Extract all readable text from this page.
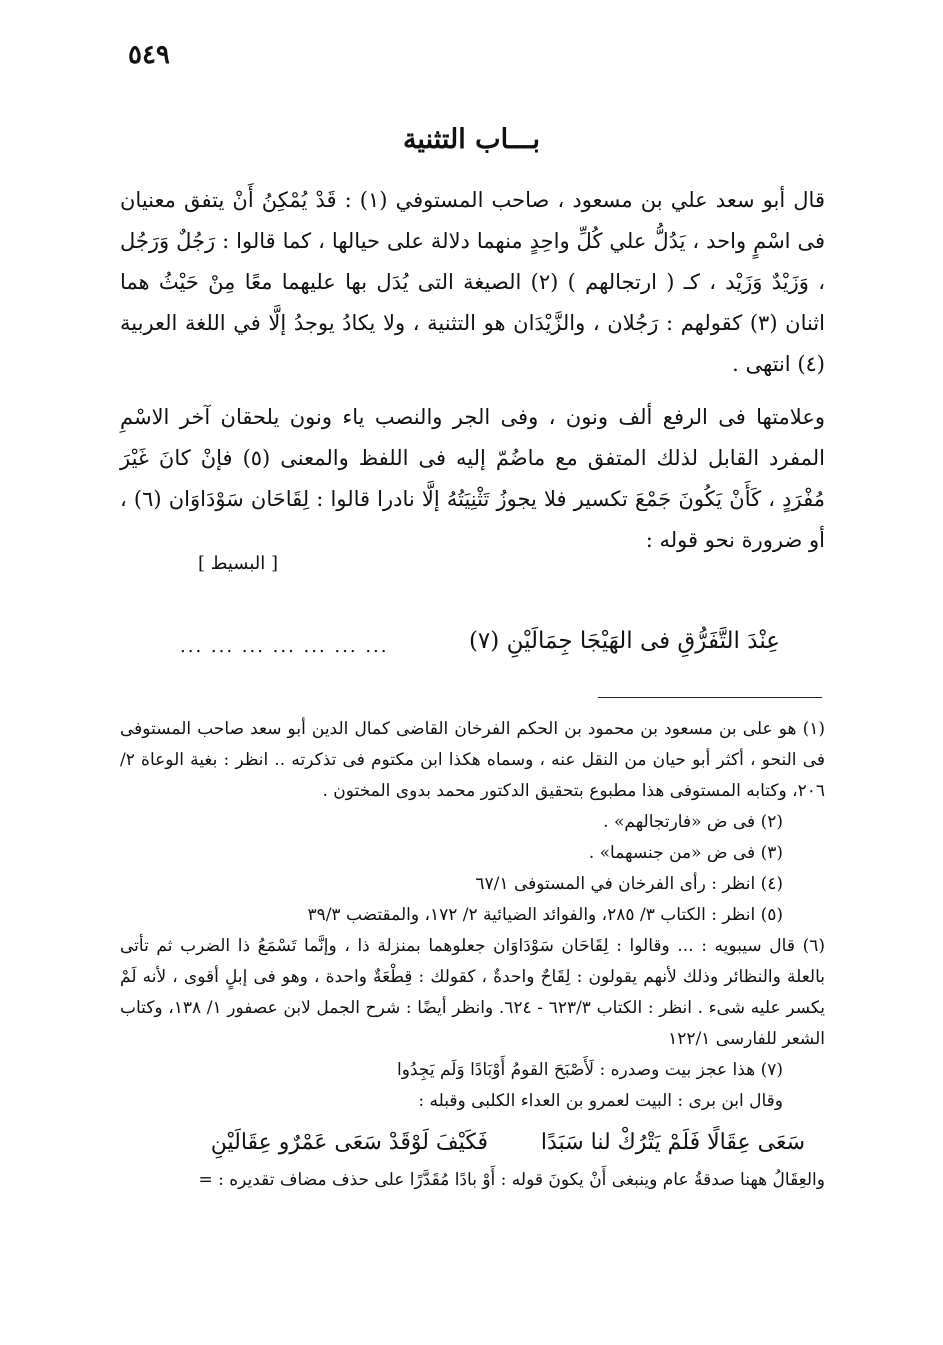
٥٤٩
بـــاب التثنية
قال أبو سعد علي بن مسعود ، صاحب المستوفي (١) : قَدْ يُمْكِنُ أَنْ يتفق معنيان فى اسْمٍ واحد ، يَدُلُّ علي كُلِّ واحِدٍ منهما دلالة على حيالها ، كما قالوا : رَجُلٌ وَرَجُل ، وَزَيْدٌ وَزَيْد ، كـ ( ارتجالهم ) (٢) الصيغة التى يُدَل بها عليهما معًا مِنْ حَيْثُ هما اثنان (٣) كقولهم : رَجُلان ، والزَّيْدَان هو التثنية ، ولا يكادُ يوجدُ إلَّا في اللغة العربية (٤) انتهى .
وعلامتها فى الرفع ألف ونون ، وفى الجر والنصب ياء ونون يلحقان آخر الاسْمِ المفرد القابل لذلك المتفق مع ماضُمّ إليه فى اللفظ والمعنى (٥) فإنْ كانَ غَيْرَ مُفْرَدٍ ، كَأَنْ يَكُونَ جَمْعَ تكسير فلا يجوزُ تَثْنِيَتُهُ إلَّا نادرا قالوا : لِقَاحَان سَوْدَاوَان (٦) ، أو ضرورة نحو قوله :
[ البسيط ]
عِنْدَ التَّفَرُّقِ فى الهَيْجَا جِمَالَيْنِ (٧)
... ... ... ... ... ... ...
(١) هو على بن مسعود بن محمود بن الحكم الفرخان القاضى كمال الدين أبو سعد صاحب المستوفى فى النحو ، أكثر أبو حيان من النقل عنه ، وسماه هكذا ابن مكتوم فى تذكرته .. انظر : بغية الوعاة ٢/ ٢٠٦، وكتابه المستوفى هذا مطبوع بتحقيق الدكتور محمد بدوى المختون .
(٢) فى ض «فارتجالهم» .
(٣) فى ض «من جنسهما» .
(٤) انظر : رأى الفرخان في المستوفى ٦٧/١
(٥) انظر : الكتاب ٣/ ٢٨٥، والفوائد الضيائية ٢/ ١٧٢، والمقتضب ٣٩/٣
(٦) قال سيبويه : ... وقالوا : لِقَاحَان سَوْدَاوَان جعلوهما بمنزلة ذا ، وإنَّما تَسْمَعُ ذا الضرب ثم تأتى بالعلة والنظائر وذلك لأنهم يقولون : لِقَاحٌ واحدةٌ ، كقولك : قِطْعَةٌ واحدة ، وهو فى إبلٍ أقوى ، لأنه لَمْ يكسر عليه شىء . انظر : الكتاب ٦٢٣/٣ - ٦٢٤. وانظر أيضًا : شرح الجمل لابن عصفور ١/ ١٣٨، وكتاب الشعر للفارسى ١٢٢/١
(٧) هذا عجز بيت وصدره : لَأَصْبَحَ القومُ أَوْبَادًا وَلَم يَجِدُوا
وقال ابن برى : البيت لعمرو بن العداء الكلبى وقبله :
سَعَى عِقَالًا فَلَمْ يَتْرُكْ لنا سَبَدًا فَكَيْفَ لَوْقَدْ سَعَى عَمْرٌو عِقَالَيْنِ
والعِقَالُ ههنا صدقةُ عام وينبغى أَنْ يكونَ قوله : أَوْ بادًا مُقَدَّرًا على حذف مضاف تقديره : =
